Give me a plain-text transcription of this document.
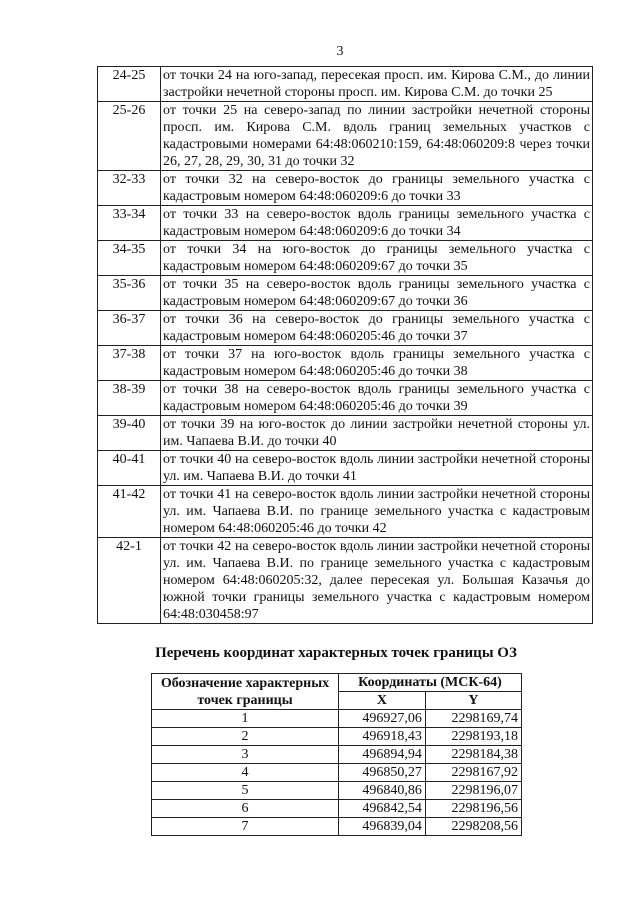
3
24-25	от точки 24 на юго-запад, пересекая просп. им. Кирова С.М., до линии застройки нечетной стороны просп. им. Кирова С.М. до точки 25
25-26	от точки 25 на северо-запад по линии застройки нечетной стороны просп. им. Кирова С.М. вдоль границ земельных участков с кадастровыми номерами 64:48:060210:159, 64:48:060209:8 через точки 26, 27, 28, 29, 30, 31 до точки 32
32-33	от точки 32 на северо-восток до границы земельного участка с кадастровым номером 64:48:060209:6 до точки 33
33-34	от точки 33 на северо-восток вдоль границы земельного участка с кадастровым номером 64:48:060209:6 до точки 34
34-35	от точки 34 на юго-восток до границы земельного участка с кадастровым номером 64:48:060209:67 до точки 35
35-36	от точки 35 на северо-восток вдоль границы земельного участка с кадастровым номером 64:48:060209:67 до точки 36
36-37	от точки 36 на северо-восток до границы земельного участка с кадастровым номером 64:48:060205:46 до точки 37
37-38	от точки 37 на юго-восток вдоль границы земельного участка с кадастровым номером 64:48:060205:46 до точки 38
38-39	от точки 38 на северо-восток вдоль границы земельного участка с кадастровым номером 64:48:060205:46 до точки 39
39-40	от точки 39 на юго-восток до линии застройки нечетной стороны ул. им. Чапаева В.И. до точки 40
40-41	от точки 40 на северо-восток вдоль линии застройки нечетной стороны ул. им. Чапаева В.И. до точки 41
41-42	от точки 41 на северо-восток вдоль линии застройки нечетной стороны ул. им. Чапаева В.И. по границе земельного участка с кадастровым номером 64:48:060205:46 до точки 42
42-1	от точки 42 на северо-восток вдоль линии застройки нечетной стороны ул. им. Чапаева В.И. по границе земельного участка с кадастровым номером 64:48:060205:32, далее пересекая ул. Большая Казачья до южной точки границы земельного участка с кадастровым номером 64:48:030458:97
Перечень координат характерных точек границы ОЗ
Обозначение характерных точек границы	Координаты (МСК-64)	
	X	Y
1	496927,06	2298169,74
2	496918,43	2298193,18
3	496894,94	2298184,38
4	496850,27	2298167,92
5	496840,86	2298196,07
6	496842,54	2298196,56
7	496839,04	2298208,56
